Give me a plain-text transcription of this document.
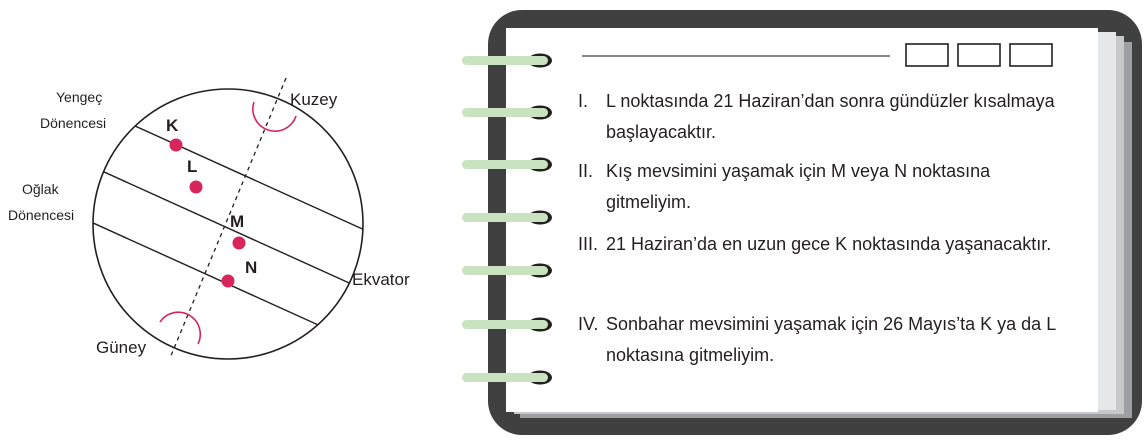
Yengeç
Dönencesi
Oğlak
Dönencesi
Kuzey
Güney
Ekvator
K
L
M
N
I. L noktasında 21 Haziran’dan sonra gündüzler kısalmaya başlayacaktır.
II. Kış mevsimini yaşamak için M veya N noktasına gitmeliyim.
III. 21 Haziran’da en uzun gece K noktasında yaşanacaktır.
IV. Sonbahar mevsimini yaşamak için 26 Mayıs’ta K ya da L noktasına gitmeliyim.
